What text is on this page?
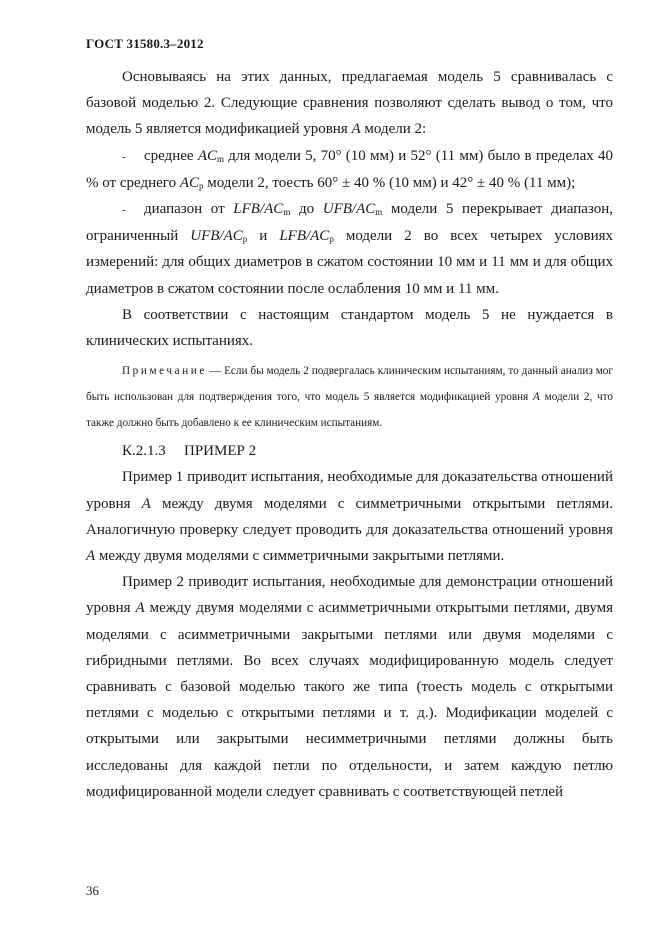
ГОСТ 31580.3–2012

Основываясь на этих данных, предлагаемая модель 5 сравнивалась с базовой моделью 2. Следующие сравнения позволяют сделать вывод о том, что модель 5 является модификацией уровня A модели 2:

- среднее $AC_m$ для модели 5, 70° (10 мм) и 52° (11 мм) было в пределах 40 % от среднего $AC_p$ модели 2, тоесть 60° ± 40 % (10 мм) и 42° ± 40 % (11 мм);

- диапазон от LFB/$AC_m$ до UFB/$AC_m$ модели 5 перекрывает диапазон, ограниченный UFB/$AC_p$ и LFB/$AC_p$ модели 2 во всех четырех условиях измерений: для общих диаметров в сжатом состоянии 10 мм и 11 мм и для общих диаметров в сжатом состоянии после ослабления 10 мм и 11 мм.

В соответствии с настоящим стандартом модель 5 не нуждается в клинических испытаниях.

Примечание — Если бы модель 2 подвергалась клиническим испытаниям, то данный анализ мог быть использован для подтверждения того, что модель 5 является модификацией уровня A модели 2, что также должно быть добавлено к ее клиническим испытаниям.

К.2.1.3 ПРИМЕР 2

Пример 1 приводит испытания, необходимые для доказательства отношений уровня A между двумя моделями с симметричными открытыми петлями. Аналогичную проверку следует проводить для доказательства отношений уровня A между двумя моделями с симметричными закрытыми петлями.

Пример 2 приводит испытания, необходимые для демонстрации отношений уровня A между двумя моделями с асимметричными открытыми петлями, двумя моделями с асимметричными закрытыми петлями или двумя моделями с гибридными петлями. Во всех случаях модифицированную модель следует сравнивать с базовой моделью такого же типа (тоесть модель с открытыми петлями с моделью с открытыми петлями и т. д.). Модификации моделей с открытыми или закрытыми несимметричными петлями должны быть исследованы для каждой петли по отдельности, и затем каждую петлю модифицированной модели следует сравнивать с соответствующей петлей

36
